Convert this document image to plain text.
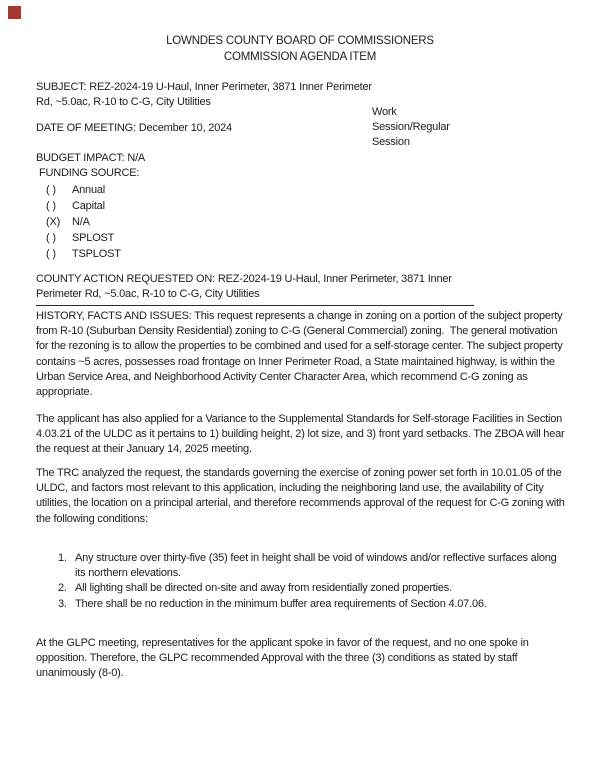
LOWNDES COUNTY BOARD OF COMMISSIONERS
COMMISSION AGENDA ITEM
SUBJECT: REZ-2024-19 U-Haul, Inner Perimeter, 3871 Inner Perimeter
Rd, ~5.0ac, R-10 to C-G, City Utilities
Work Session/Regular Session
DATE OF MEETING: December 10, 2024
BUDGET IMPACT: N/A
FUNDING SOURCE:
( )	Annual
( )	Capital
(X)	N/A
( )	SPLOST
( )	TSPLOST
COUNTY ACTION REQUESTED ON: REZ-2024-19 U-Haul, Inner Perimeter, 3871 Inner
Perimeter Rd, ~5.0ac, R-10 to C-G, City Utilities
HISTORY, FACTS AND ISSUES: This request represents a change in zoning on a portion of the subject property from R-10 (Suburban Density Residential) zoning to C-G (General Commercial) zoning.  The general motivation for the rezoning is to allow the properties to be combined and used for a self-storage center. The subject property contains ~5 acres, possesses road frontage on Inner Perimeter Road, a State maintained highway, is within the Urban Service Area, and Neighborhood Activity Center Character Area, which recommend C-G zoning as appropriate.
The applicant has also applied for a Variance to the Supplemental Standards for Self-storage Facilities in Section 4.03.21 of the ULDC as it pertains to 1) building height, 2) lot size, and 3) front yard setbacks. The ZBOA will hear the request at their January 14, 2025 meeting.
The TRC analyzed the request, the standards governing the exercise of zoning power set forth in 10.01.05 of the ULDC, and factors most relevant to this application, including the neighboring land use, the availability of City utilities, the location on a principal arterial, and therefore recommends approval of the request for C-G zoning with the following conditions:
1. Any structure over thirty-five (35) feet in height shall be void of windows and/or reflective surfaces along its northern elevations.
2. All lighting shall be directed on-site and away from residentially zoned properties.
3. There shall be no reduction in the minimum buffer area requirements of Section 4.07.06.
At the GLPC meeting, representatives for the applicant spoke in favor of the request, and no one spoke in opposition. Therefore, the GLPC recommended Approval with the three (3) conditions as stated by staff unanimously (8-0).
